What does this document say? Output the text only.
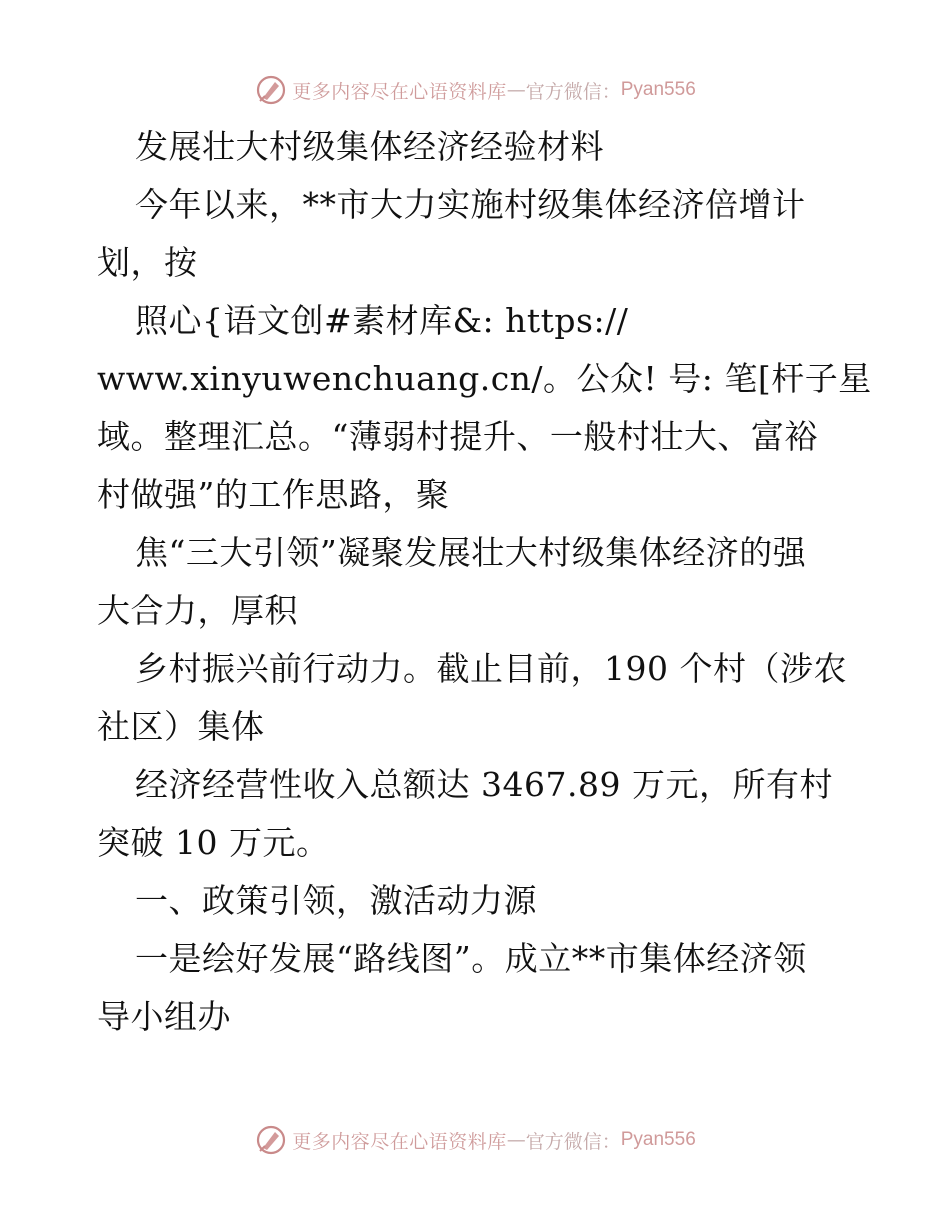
更多内容尽在心语资料库 — 官方微信： Pyan556
发展壮大村级集体经济经验材料
今年以来，**市大力实施村级集体经济倍增计
划，按
照心{语文创#素材库&: https://
www.xinyuwenchuang.cn/。公众! 号: 笔[杆子星
域。整理汇总。“薄弱村提升、一般村壮大、富裕
村做强”的工作思路，聚
焦“三大引领”凝聚发展壮大村级集体经济的强
大合力，厚积
乡村振兴前行动力。截止目前，190 个村（涉农
社区）集体
经济经营性收入总额达 3467.89 万元，所有村
突破 10 万元。
一、政策引领，激活动力源
一是绘好发展“路线图”。成立**市集体经济领
导小组办
更多内容尽在心语资料库 — 官方微信： Pyan556
